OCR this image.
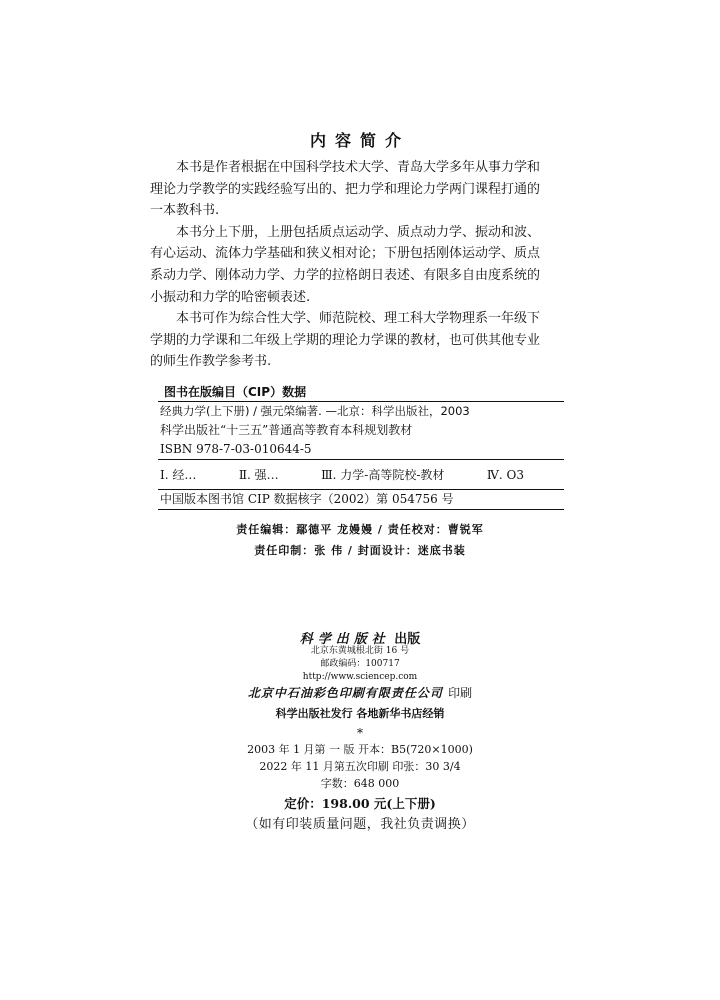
内容简介

本书是作者根据在中国科学技术大学、青岛大学多年从事力学和
理论力学教学的实践经验写出的、把力学和理论力学两门课程打通的
一本教科书.

本书分上下册，上册包括质点运动学、质点动力学、振动和波、
有心运动、流体力学基础和狭义相对论；下册包括刚体运动学、质点
系动力学、刚体动力学、力学的拉格朗日表述、有限多自由度系统的
小振动和力学的哈密顿表述.

本书可作为综合性大学、师范院校、理工科大学物理系一年级下
学期的力学课和二年级上学期的理论力学课的教材，也可供其他专业
的师生作教学参考书.

图书在版编目（CIP）数据
经典力学(上下册) / 强元棨编著. —北京：科学出版社，2003
科学出版社“十三五”普通高等教育本科规划教材
ISBN 978-7-03-010644-5
Ⅰ. 经…	Ⅱ. 强…	Ⅲ. 力学-高等院校-教材	Ⅳ. O3
中国版本图书馆 CIP 数据核字（2002）第 054756 号
责任编辑：鄢德平 龙嫚嫚 / 责任校对：曹锐军
责任印制：张 伟 / 封面设计：迷底书装
科学出版社 出版
北京东黄城根北街 16 号
邮政编码：100717
http://www.sciencep.com
北京中石油彩色印刷有限责任公司 印刷
科学出版社发行 各地新华书店经销
*
2003 年 1 月第 一 版 开本：B5(720×1000)
2022 年 11 月第五次印刷 印张：30 3/4
字数：648 000
定价：198.00 元(上下册)
（如有印装质量问题，我社负责调换）
